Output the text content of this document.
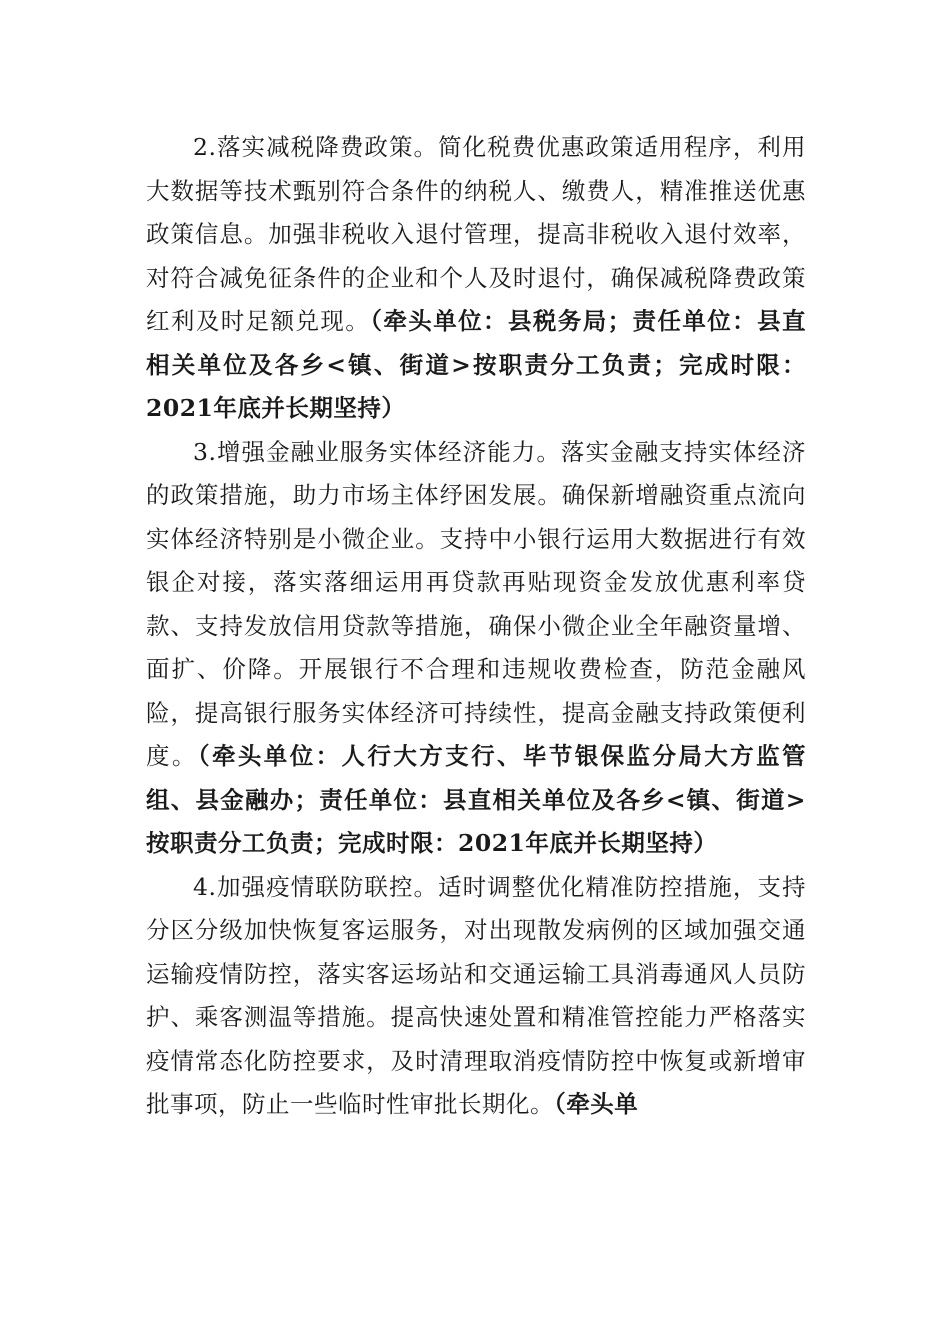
2.落实减税降费政策。简化税费优惠政策适用程序，利用大数据等技术甄别符合条件的纳税人、缴费人，精准推送优惠政策信息。加强非税收入退付管理，提高非税收入退付效率，对符合减免征条件的企业和个人及时退付，确保减税降费政策红利及时足额兑现。（牵头单位：县税务局；责任单位：县直相关单位及各乡<镇、街道>按职责分工负责；完成时限：2021年底并长期坚持）

3.增强金融业服务实体经济能力。落实金融支持实体经济的政策措施，助力市场主体纾困发展。确保新增融资重点流向实体经济特别是小微企业。支持中小银行运用大数据进行有效银企对接，落实落细运用再贷款再贴现资金发放优惠利率贷款、支持发放信用贷款等措施，确保小微企业全年融资量增、面扩、价降。开展银行不合理和违规收费检查，防范金融风险，提高银行服务实体经济可持续性，提高金融支持政策便利度。（牵头单位：人行大方支行、毕节银保监分局大方监管组、县金融办；责任单位：县直相关单位及各乡<镇、街道>按职责分工负责；完成时限：2021年底并长期坚持）

4.加强疫情联防联控。适时调整优化精准防控措施，支持分区分级加快恢复客运服务，对出现散发病例的区域加强交通运输疫情防控，落实客运场站和交通运输工具消毒通风人员防护、乘客测温等措施。提高快速处置和精准管控能力严格落实疫情常态化防控要求，及时清理取消疫情防控中恢复或新增审批事项，防止一些临时性审批长期化。（牵头单
